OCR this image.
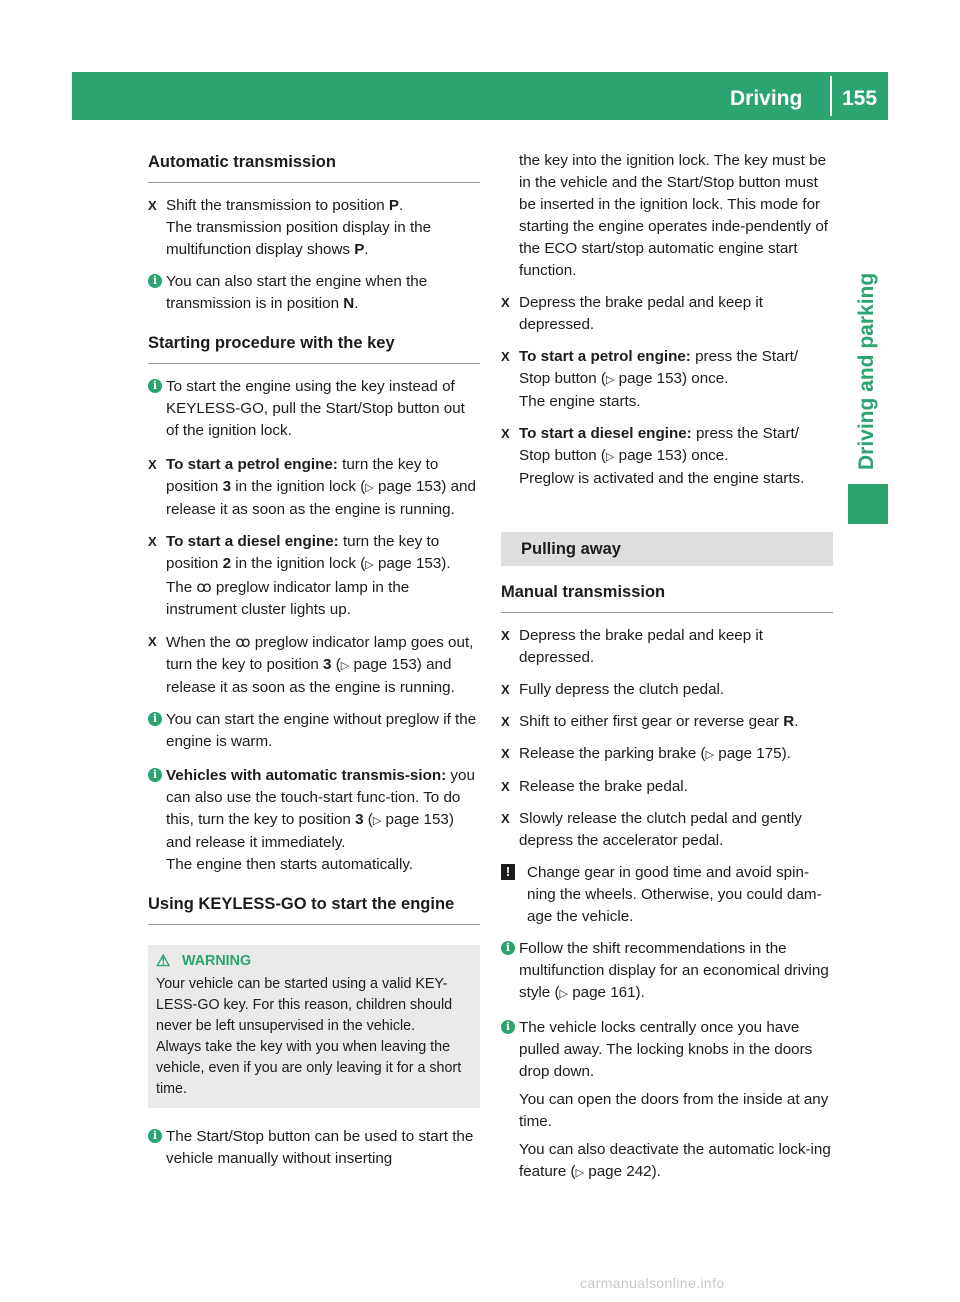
Driving 155
Driving and parking
Automatic transmission
X Shift the transmission to position P.

The transmission position display in the multifunction display shows P.

i You can also start the engine when the transmission is in position N.

Starting procedure with the key
i To start the engine using the key instead of KEYLESS-GO, pull the Start/Stop button out of the ignition lock.

X To start a petrol engine: turn the key to position 3 in the ignition lock (▷ page 153) and release it as soon as the engine is running.

X To start a diesel engine: turn the key to position 2 in the ignition lock (▷ page 153).

The ꝏ preglow indicator lamp in the instrument cluster lights up.

X When the ꝏ preglow indicator lamp goes out, turn the key to position 3 (▷ page 153) and release it as soon as the engine is running.

i You can start the engine without preglow if the engine is warm.

i Vehicles with automatic transmis-sion: you can also use the touch-start func-tion. To do this, turn the key to position 3 (▷ page 153) and release it immediately.

The engine then starts automatically.

Using KEYLESS-GO to start the engine
⚠ WARNING

Your vehicle can be started using a valid KEY-LESS-GO key. For this reason, children should never be left unsupervised in the vehicle.

Always take the key with you when leaving the vehicle, even if you are only leaving it for a short time.

i The Start/Stop button can be used to start the vehicle manually without inserting

the key into the ignition lock. The key must be in the vehicle and the Start/Stop button must be inserted in the ignition lock. This mode for starting the engine operates inde-pendently of the ECO start/stop automatic engine start function.

X Depress the brake pedal and keep it depressed.

X To start a petrol engine: press the Start/ Stop button (▷ page 153) once.

The engine starts.

X To start a diesel engine: press the Start/ Stop button (▷ page 153) once.

Preglow is activated and the engine starts.

Pulling away
Manual transmission
X Depress the brake pedal and keep it depressed.

X Fully depress the clutch pedal.

X Shift to either first gear or reverse gear R.

X Release the parking brake (▷ page 175).

X Release the brake pedal.

X Slowly release the clutch pedal and gently depress the accelerator pedal.

!	Change gear in good time and avoid spin-ning the wheels. Otherwise, you could dam-age the vehicle.

i Follow the shift recommendations in the multifunction display for an economical driving style (▷ page 161).

i The vehicle locks centrally once you have pulled away. The locking knobs in the doors drop down.

You can open the doors from the inside at any time.

You can also deactivate the automatic lock-ing feature (▷ page 242).

carmanualsonline.info
